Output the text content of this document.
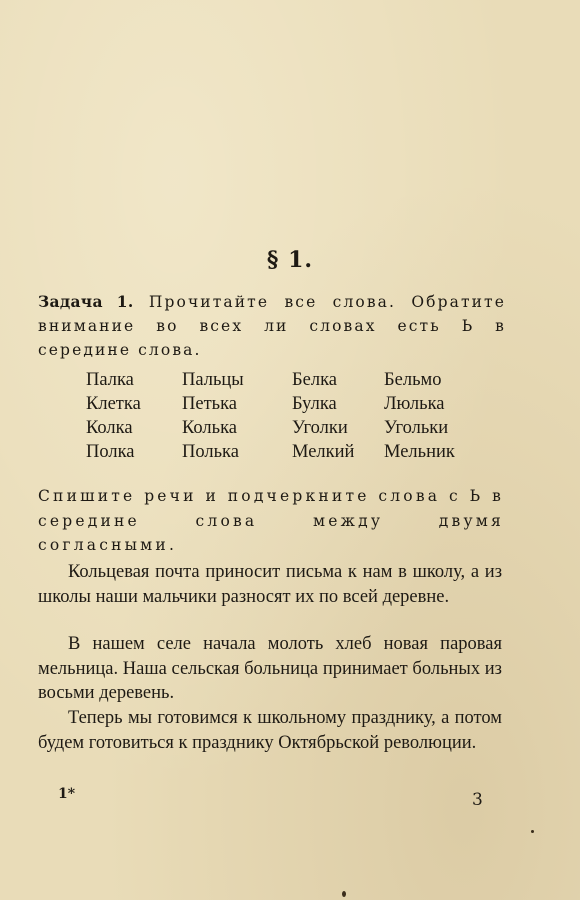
§ 1.
Задача 1. Прочитайте все слова. Обратите внимание во всех ли словах есть Ь в середине слова.
Палка	Пальцы	Белка	Бельмо
Клетка	Петька	Булка	Люлька
Колка	Колька	Уголки	Угольки
Полка	Полька	Мелкий	Мельник
Спишите речи и подчеркните слова с Ь в середине слова между двумя согласными.

Кольцевая почта приносит письма к нам в школу, а из школы наши мальчики разносят их по всей деревне.

В нашем селе начала молоть хлеб новая паровая мельница. Наша сельская больница принимает больных из восьми деревень.

Теперь мы готовимся к школьному празднику, а потом будем готовиться к празднику Октябрьской революции.

1*	3
